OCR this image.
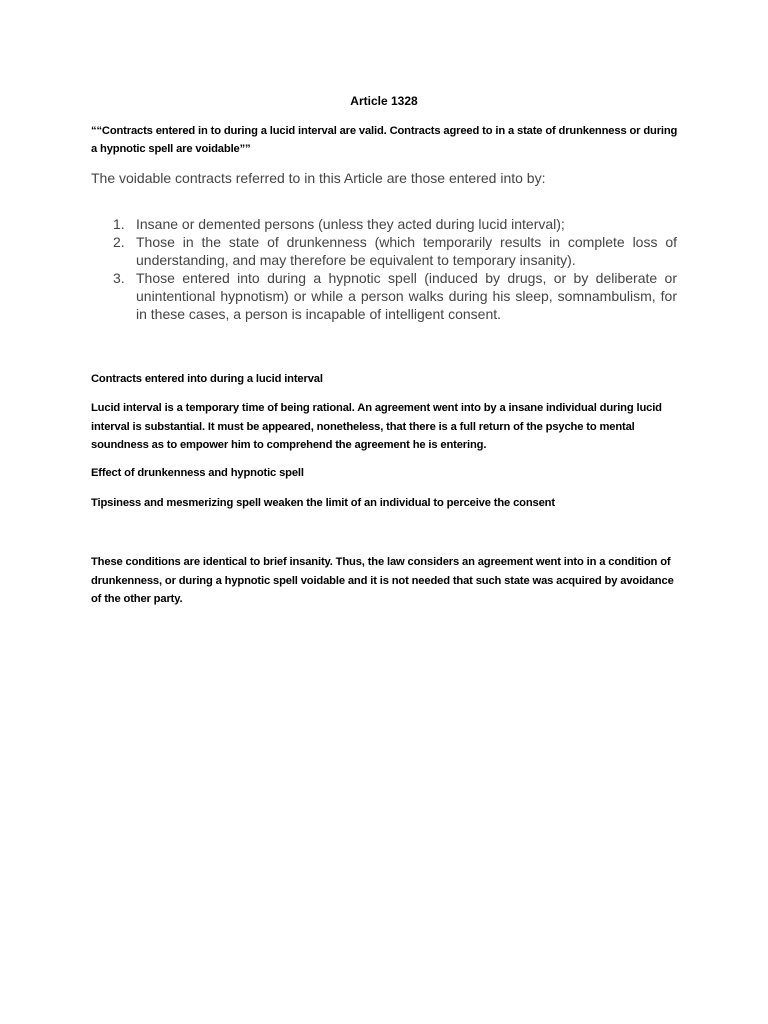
Article 1328
““Contracts entered in to during a lucid interval are valid. Contracts agreed to in a state of drunkenness or during a hypnotic spell are voidable””
The voidable contracts referred to in this Article are those entered into by:
1. Insane or demented persons (unless they acted during lucid interval);
2. Those in the state of drunkenness (which temporarily results in complete loss of understanding, and may therefore be equivalent to temporary insanity).
3. Those entered into during a hypnotic spell (induced by drugs, or by deliberate or unintentional hypnotism) or while a person walks during his sleep, somnambulism, for in these cases, a person is incapable of intelligent consent.
Contracts entered into during a lucid interval
Lucid interval is a temporary time of being rational. An agreement went into by a insane individual during lucid interval is substantial. It must be appeared, nonetheless, that there is a full return of the psyche to mental soundness as to empower him to comprehend the agreement he is entering.
Effect of drunkenness and hypnotic spell
Tipsiness and mesmerizing spell weaken the limit of an individual to perceive the consent
These conditions are identical to brief insanity. Thus, the law considers an agreement went into in a condition of drunkenness, or during a hypnotic spell voidable and it is not needed that such state was acquired by avoidance of the other party.
